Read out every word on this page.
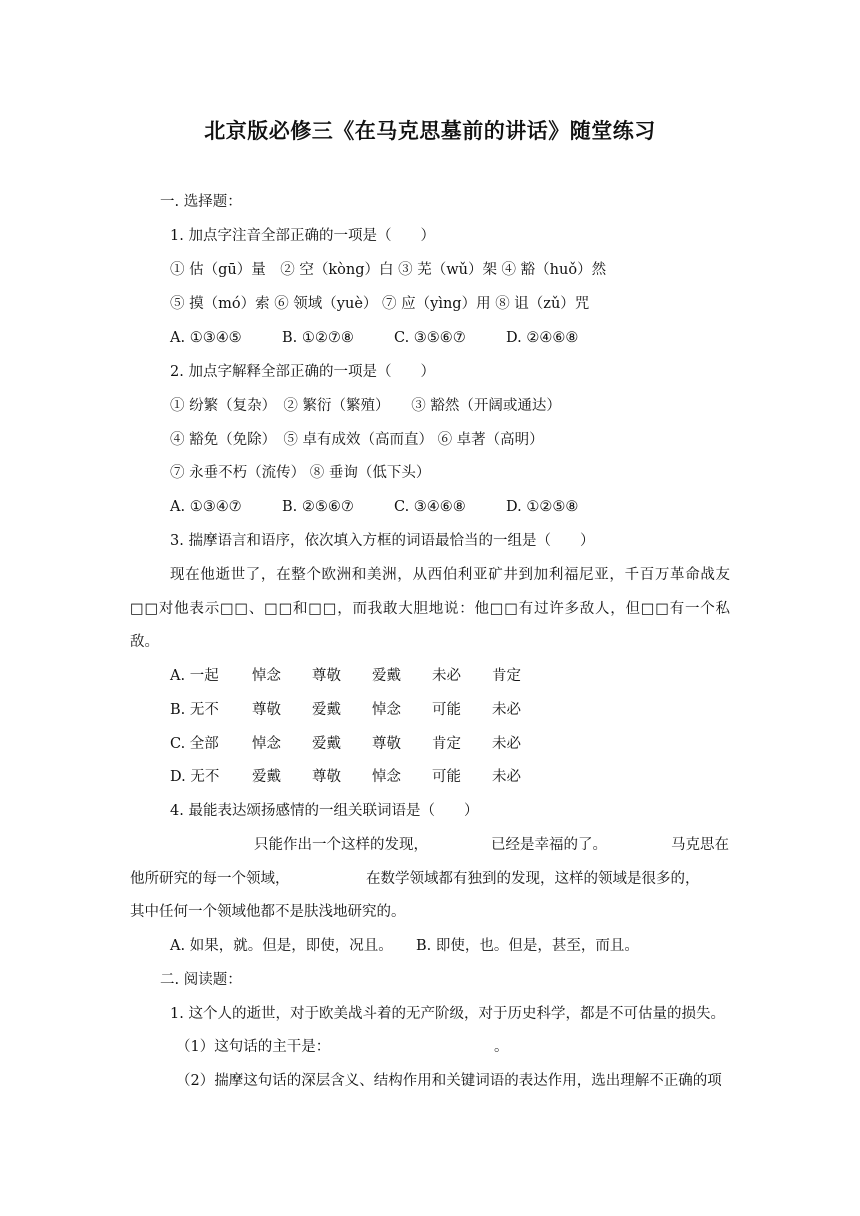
北京版必修三《在马克思墓前的讲话》随堂练习
一. 选择题：
1. 加点字注音全部正确的一项是（　　）
① 估（gū）量　② 空（kòng）白 ③ 芜（wǔ）架 ④ 豁（huǒ）然
⑤ 摸（mó）索 ⑥ 领域（yuè） ⑦ 应（yìng）用 ⑧ 诅（zǔ）咒
A. ①③④⑤	B. ①②⑦⑧	C. ③⑤⑥⑦	D. ②④⑥⑧
2. 加点字解释全部正确的一项是（　　）
① 纷繁（复杂）　② 繁衍（繁殖）　　③ 豁然（开阔或通达）
④ 豁免（免除）　⑤ 卓有成效（高而直） ⑥ 卓著（高明）
⑦ 永垂不朽（流传） ⑧ 垂询（低下头）
A. ①③④⑦	B. ②⑤⑥⑦	C. ③④⑥⑧	D. ①②⑤⑧
3. 揣摩语言和语序，依次填入方框的词语最恰当的一组是（　　）
现在他逝世了，在整个欧洲和美洲，从西伯利亚矿井到加利福尼亚，千百万革命战友
□□对他表示□□、□□和□□，而我敢大胆地说：他□□有过许多敌人，但□□有一个私
敌。
A. 一起 悼念 尊敬 爱戴 未必 肯定
B. 无不 尊敬 爱戴 悼念 可能 未必
C. 全部 悼念 爱戴 尊敬 肯定 未必
D. 无不 爱戴 尊敬 悼念 可能 未必
4. 最能表达颂扬感情的一组关联词语是（　　）
只能作出一个这样的发现，	已经是幸福的了。	马克思在
他所研究的每一个领域，	在数学领域都有独到的发现，这样的领域是很多的，
其中任何一个领域他都不是肤浅地研究的。
A. 如果，就。但是，即使，况且。 B. 即使，也。但是，甚至，而且。
二. 阅读题：
1. 这个人的逝世，对于欧美战斗着的无产阶级，对于历史科学，都是不可估量的损失。
（1）这句话的主干是：	。
（2）揣摩这句话的深层含义、结构作用和关键词语的表达作用，选出理解不正确的项
